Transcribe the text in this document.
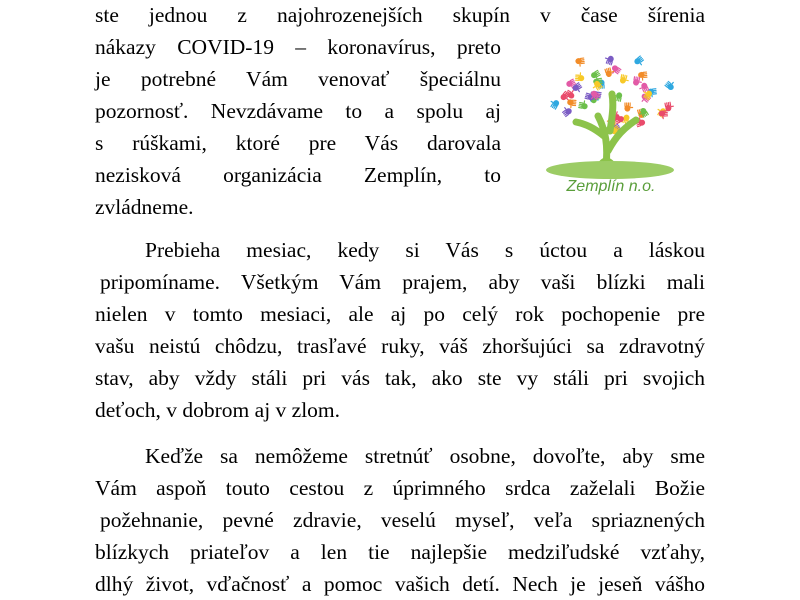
ste jednou z najohrozenejších skupín v čase šírenia
nákazy COVID-19 – koronavírus, preto
je potrebné Vám venovať špeciálnu
pozornosť. Nevzdávame to a spolu aj
s rúškami, ktoré pre Vás darovala
nezisková organizácia Zemplín, to
zvládneme.
Prebieha mesiac, kedy si Vás s úctou a láskou
pripomíname. Všetkým Vám prajem, aby vaši blízki mali
nielen v tomto mesiaci, ale aj po celý rok pochopenie pre
vašu neistú chôdzu, trasľavé ruky, váš zhoršujúci sa zdravotný
stav, aby vždy stáli pri vás tak, ako ste vy stáli pri svojich
deťoch, v dobrom aj v zlom.
Keďže sa nemôžeme stretnúť osobne, dovoľte, aby sme
Vám aspoň touto cestou z úprimného srdca zaželali Božie
požehnanie, pevné zdravie, veselú myseľ, veľa spriaznených
blízkych priateľov a len tie najlepšie medziľudské vzťahy,
dlhý život, vďačnosť a pomoc vašich detí. Nech je jeseň vášho
Zemplín n.o.
